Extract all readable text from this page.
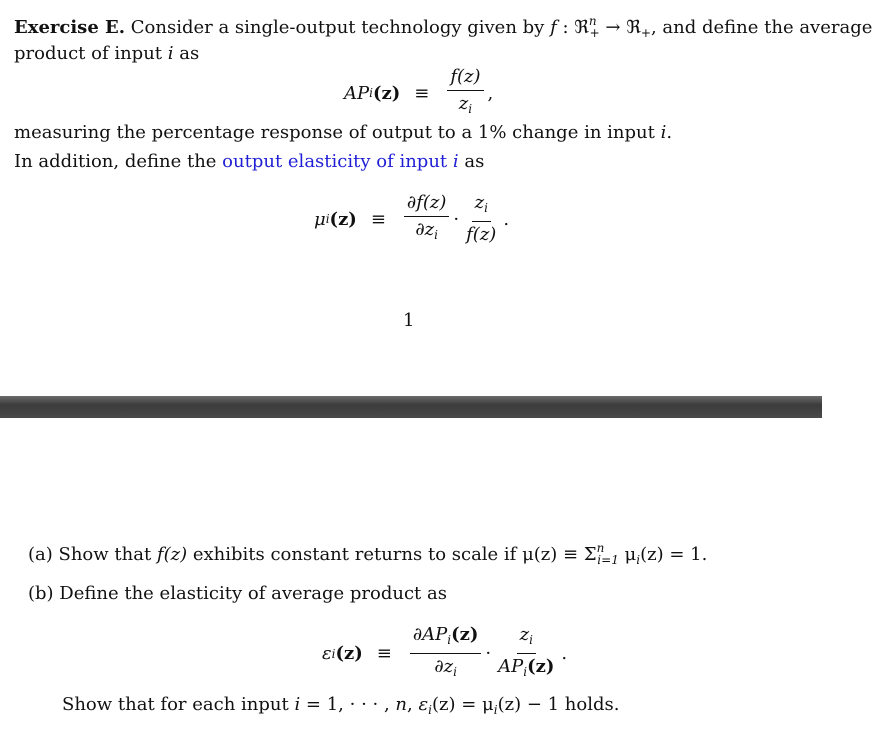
Exercise E. Consider a single-output technology given by f : ℜ$^n_+$ → ℜ$_+$, and define the average
product of input i as
AP i $(z) \equiv \frac{f(z)}{z_i}$ ,
measuring the percentage response of output to a 1% change in input i.
In addition, define the output elasticity of input i as
μ i $(z) \equiv \frac{\partial f(z)}{\partial z_i} \cdot \frac{z_i}{f(z)}$ .
1
(a) Show that f(z) exhibits constant returns to scale if $\mu(z) \equiv \Sigma^n_{i=1}$ $\mu_i(z) = 1$.
(b) Define the elasticity of average product as
ε i $(z) \equiv \frac{\partial AP_i(z)}{\partial z_i} \cdot \frac{z_i}{AP_i(z)}$ .
Show that for each input i = 1, · · · , n, $\varepsilon_i(z) = \mu_i(z) - 1$ holds.
